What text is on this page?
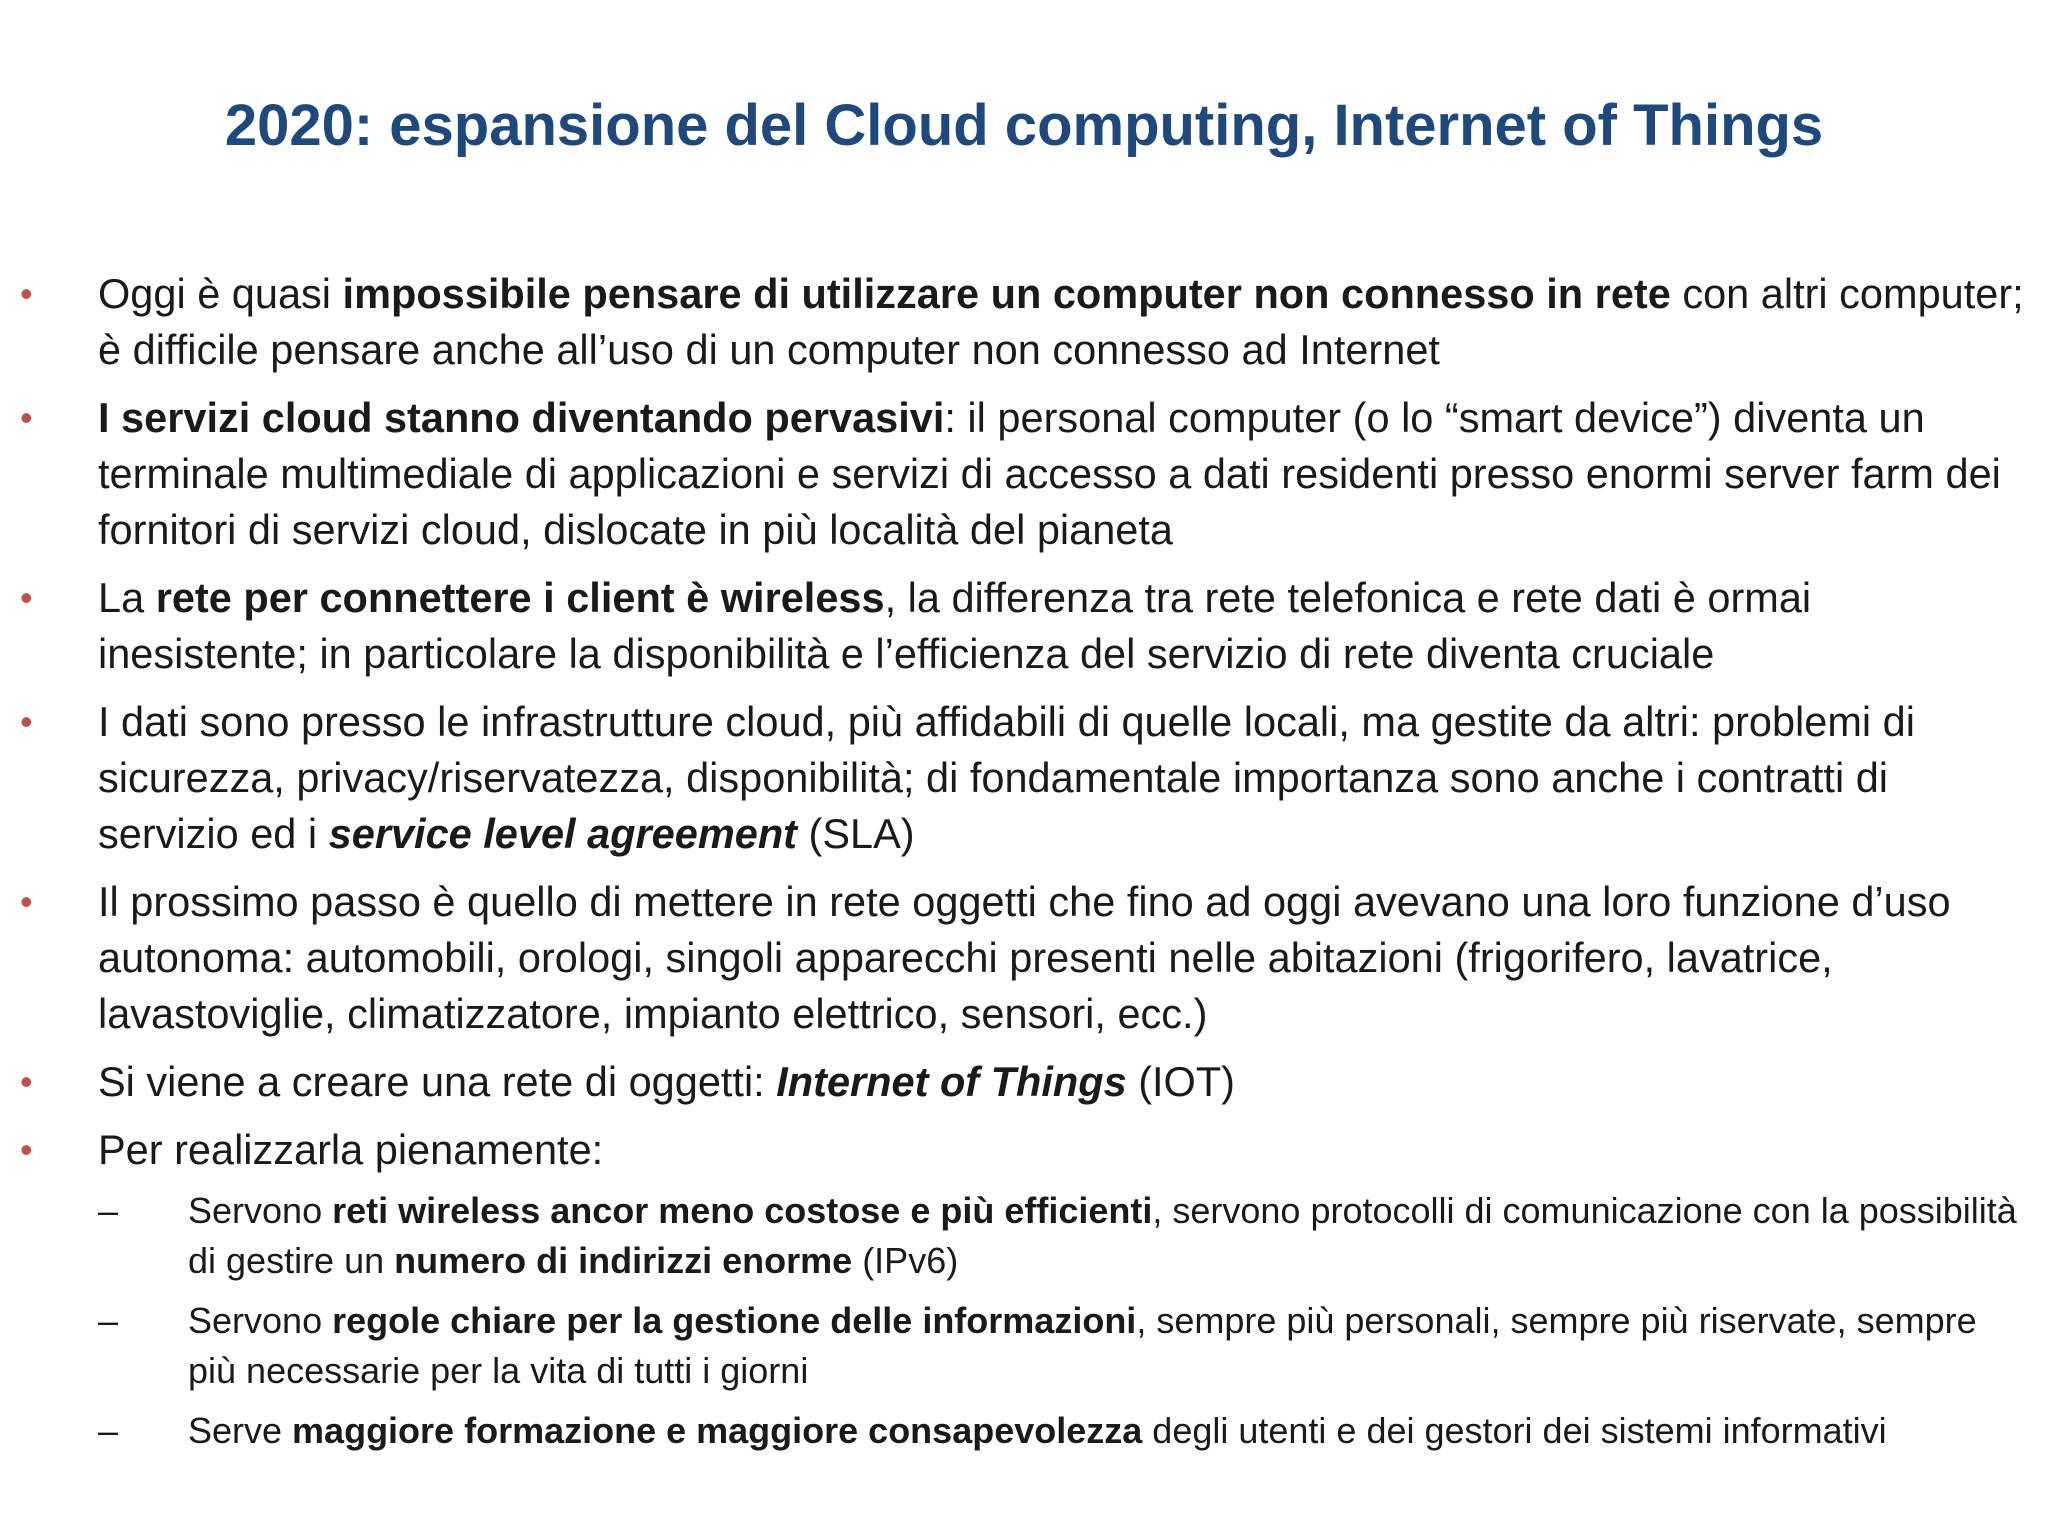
2020: espansione del Cloud computing, Internet of Things
• Oggi è quasi impossibile pensare di utilizzare un computer non connesso in rete con altri computer; è difficile pensare anche all’uso di un computer non connesso ad Internet
• I servizi cloud stanno diventando pervasivi: il personal computer (o lo “smart device”) diventa un terminale multimediale di applicazioni e servizi di accesso a dati residenti presso enormi server farm dei fornitori di servizi cloud, dislocate in più località del pianeta
• La rete per connettere i client è wireless, la differenza tra rete telefonica e rete dati è ormai inesistente; in particolare la disponibilità e l’efficienza del servizio di rete diventa cruciale
• I dati sono presso le infrastrutture cloud, più affidabili di quelle locali, ma gestite da altri: problemi di sicurezza, privacy/riservatezza, disponibilità; di fondamentale importanza sono anche i contratti di servizio ed i service level agreement (SLA)
• Il prossimo passo è quello di mettere in rete oggetti che fino ad oggi avevano una loro funzione d’uso autonoma: automobili, orologi, singoli apparecchi presenti nelle abitazioni (frigorifero, lavatrice, lavastoviglie, climatizzatore, impianto elettrico, sensori, ecc.)
• Si viene a creare una rete di oggetti: Internet of Things (IOT)
• Per realizzarla pienamente:
– Servono reti wireless ancor meno costose e più efficienti, servono protocolli di comunicazione con la possibilità di gestire un numero di indirizzi enorme (IPv6)
– Servono regole chiare per la gestione delle informazioni, sempre più personali, sempre più riservate, sempre più necessarie per la vita di tutti i giorni
– Serve maggiore formazione e maggiore consapevolezza degli utenti e dei gestori dei sistemi informativi
